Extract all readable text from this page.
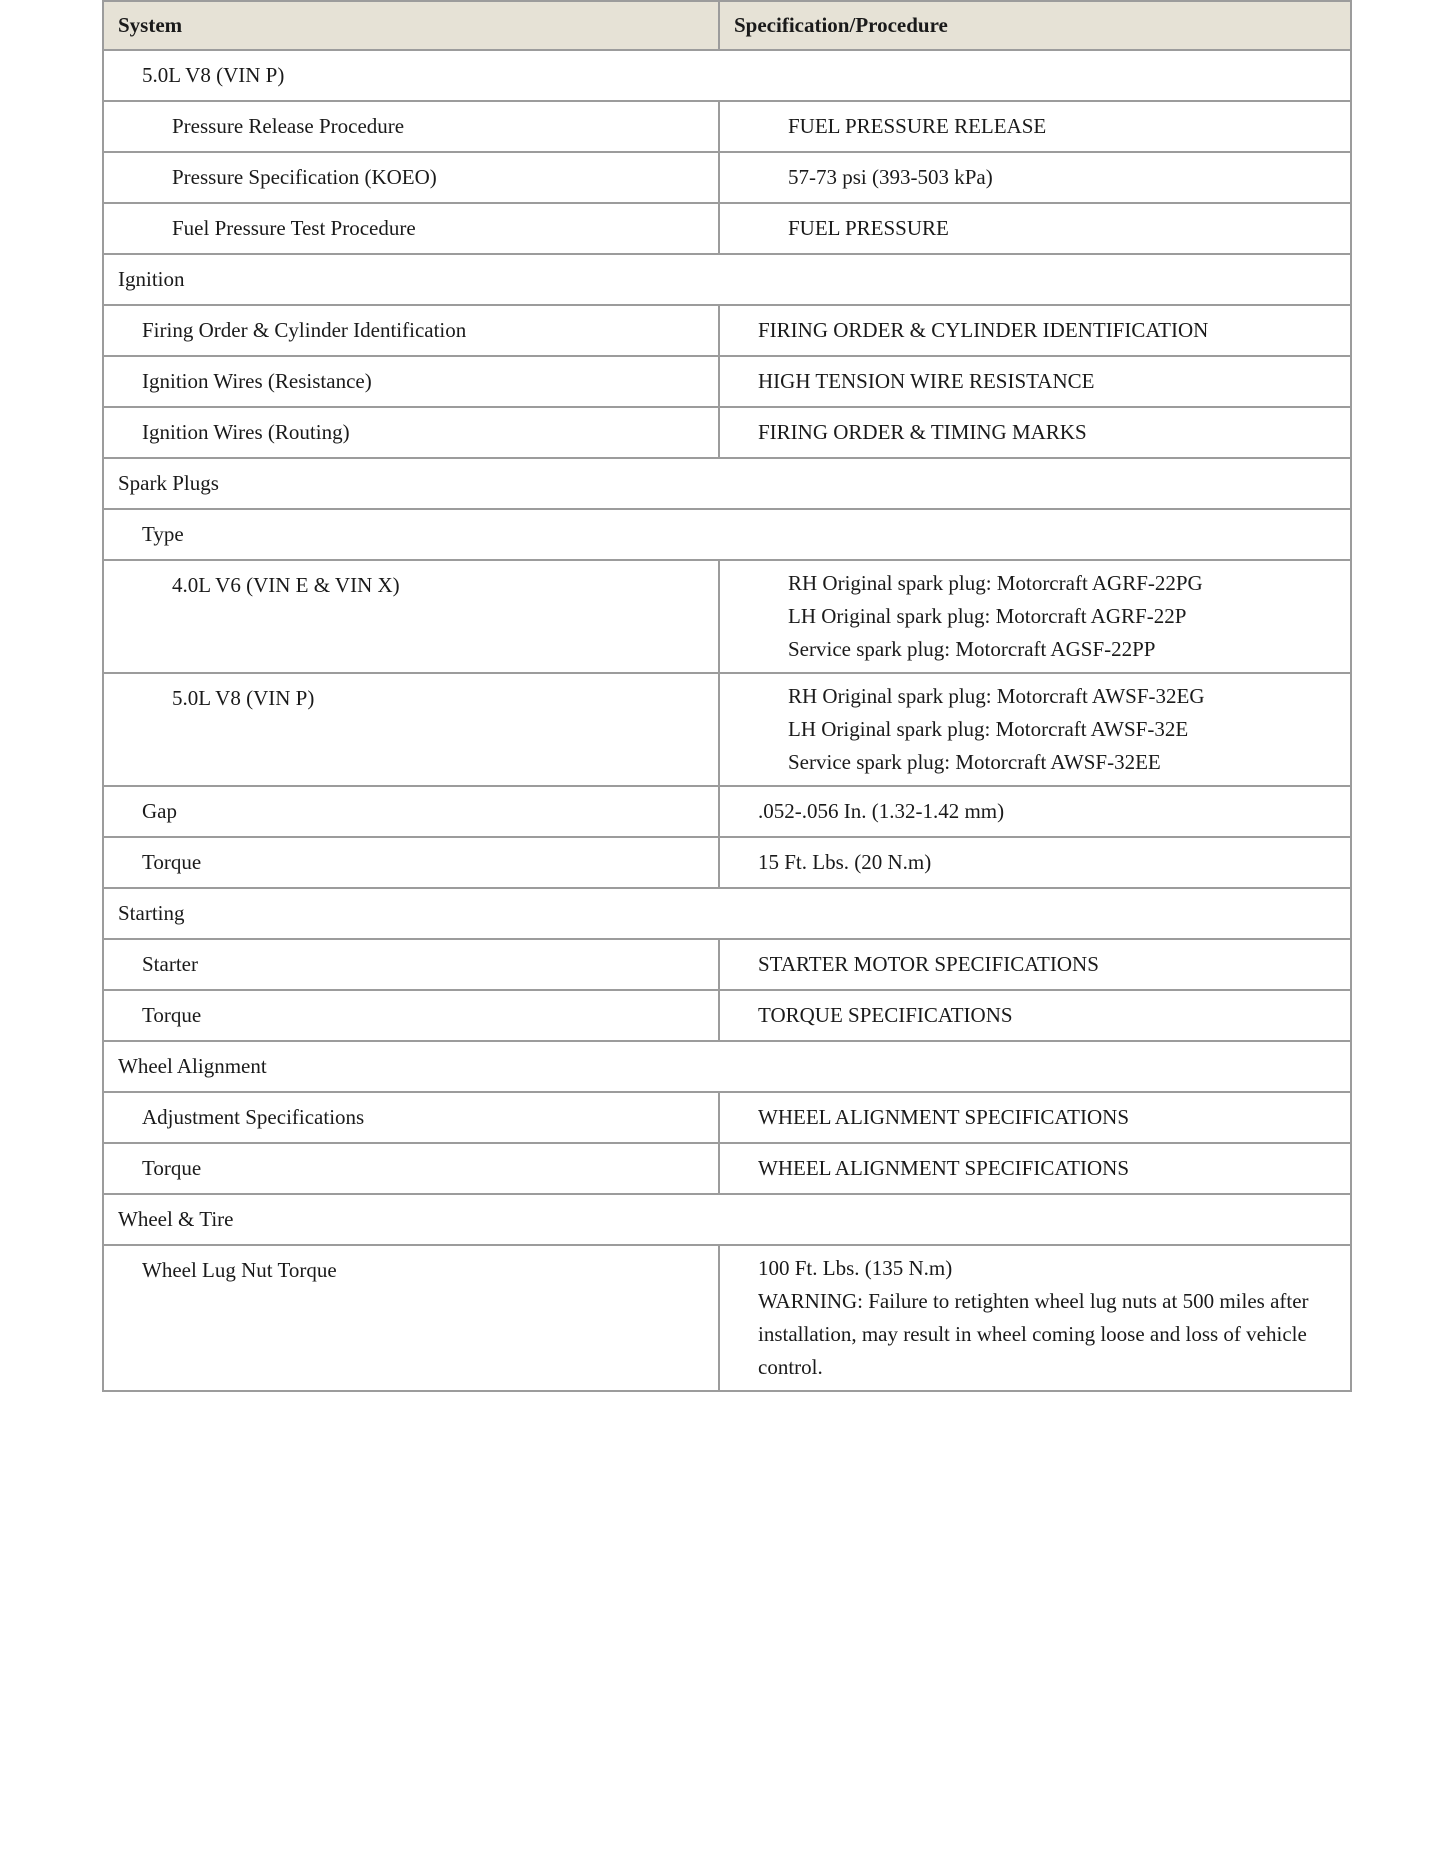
System	Specification/Procedure
5.0L V8 (VIN P)	
Pressure Release Procedure	FUEL PRESSURE RELEASE
Pressure Specification (KOEO)	57-73 psi (393-503 kPa)
Fuel Pressure Test Procedure	FUEL PRESSURE
Ignition	
Firing Order & Cylinder Identification	FIRING ORDER & CYLINDER IDENTIFICATION
Ignition Wires (Resistance)	HIGH TENSION WIRE RESISTANCE
Ignition Wires (Routing)	FIRING ORDER & TIMING MARKS
Spark Plugs	
Type	
4.0L V6 (VIN E & VIN X)	RH Original spark plug: Motorcraft AGRF-22PG
LH Original spark plug: Motorcraft AGRF-22P
Service spark plug: Motorcraft AGSF-22PP

5.0L V8 (VIN P)	RH Original spark plug: Motorcraft AWSF-32EG
LH Original spark plug: Motorcraft AWSF-32E
Service spark plug: Motorcraft AWSF-32EE

Gap	.052-.056 In. (1.32-1.42 mm)
Torque	15 Ft. Lbs. (20 N.m)
Starting	
Starter	STARTER MOTOR SPECIFICATIONS
Torque	TORQUE SPECIFICATIONS
Wheel Alignment	
Adjustment Specifications	WHEEL ALIGNMENT SPECIFICATIONS
Torque	WHEEL ALIGNMENT SPECIFICATIONS
Wheel & Tire	
Wheel Lug Nut Torque	100 Ft. Lbs. (135 N.m)
WARNING: Failure to retighten wheel lug nuts at 500 miles after installation, may result in wheel coming loose and loss of vehicle control.
